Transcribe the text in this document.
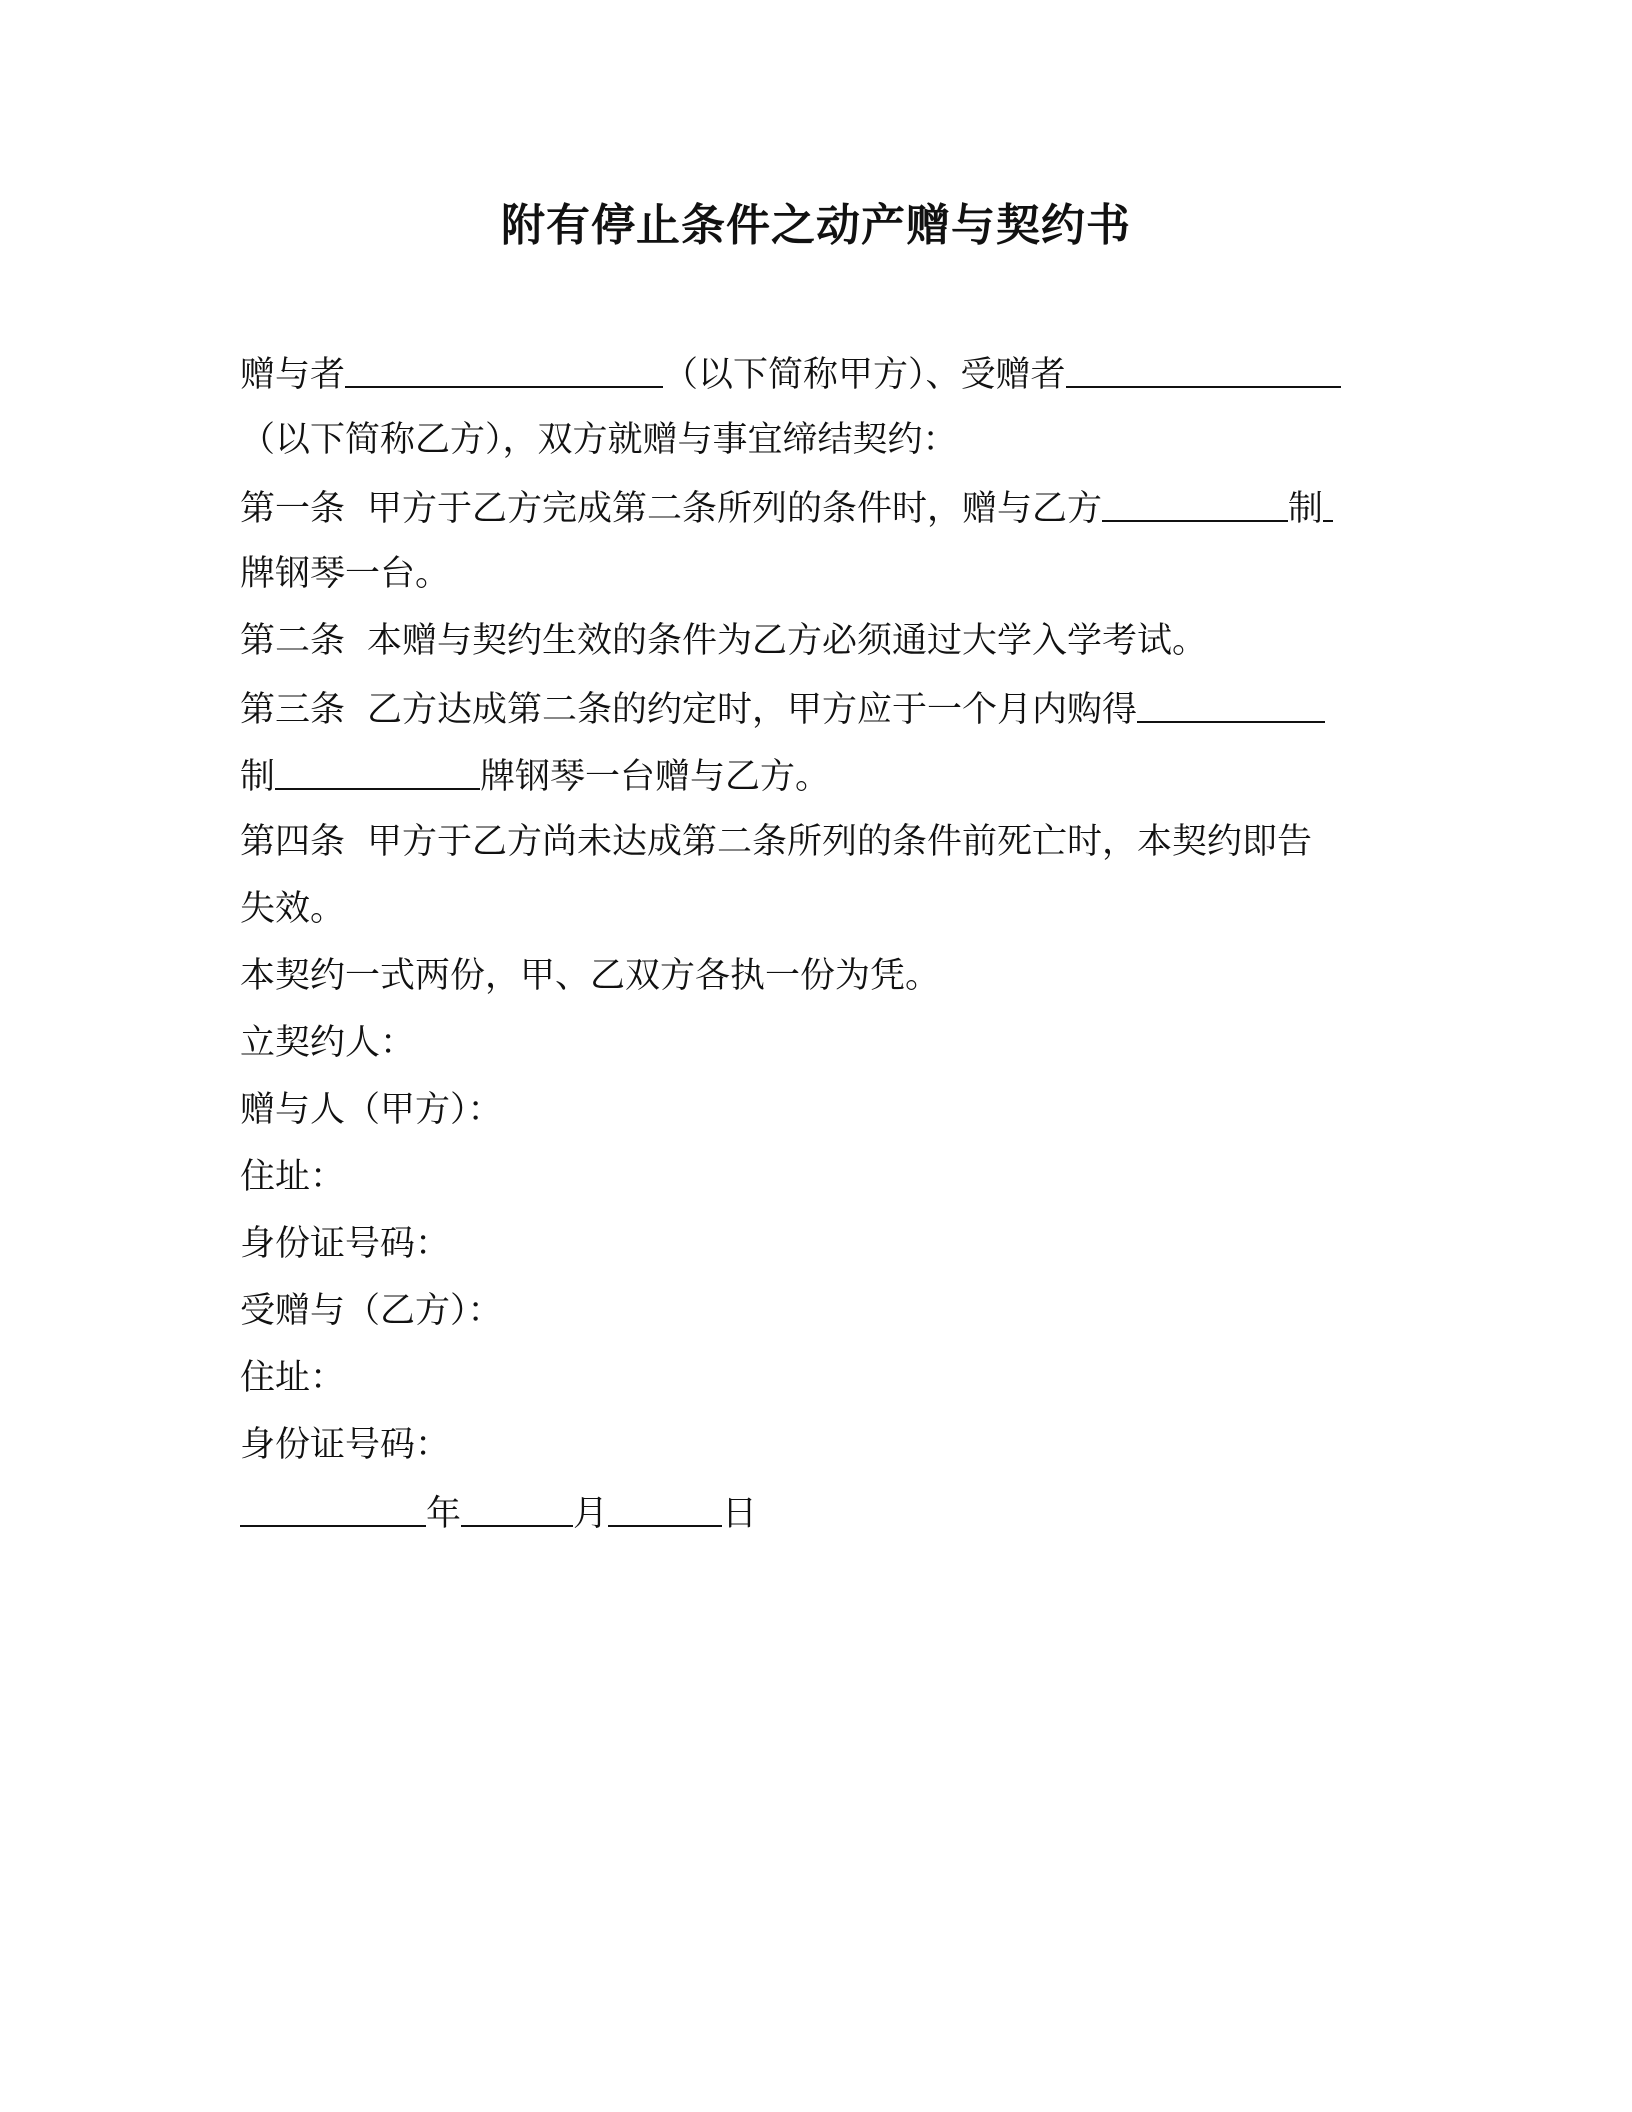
附有停止条件之动产赠与契约书
赠与者	（以下简称甲方）、受赠者
（以下简称乙方），双方就赠与事宜缔结契约：
第一条 甲方于乙方完成第二条所列的条件时，赠与乙方	制
牌钢琴一台。
第二条 本赠与契约生效的条件为乙方必须通过大学入学考试。
第三条 乙方达成第二条的约定时，甲方应于一个月内购得
制	牌钢琴一台赠与乙方。
第四条 甲方于乙方尚未达成第二条所列的条件前死亡时，本契约即告
失效。
本契约一式两份，甲、乙双方各执一份为凭。
立契约人：
赠与人（甲方）：
住址：
身份证号码：
受赠与（乙方）：
住址：
身份证号码：
年	月	日
